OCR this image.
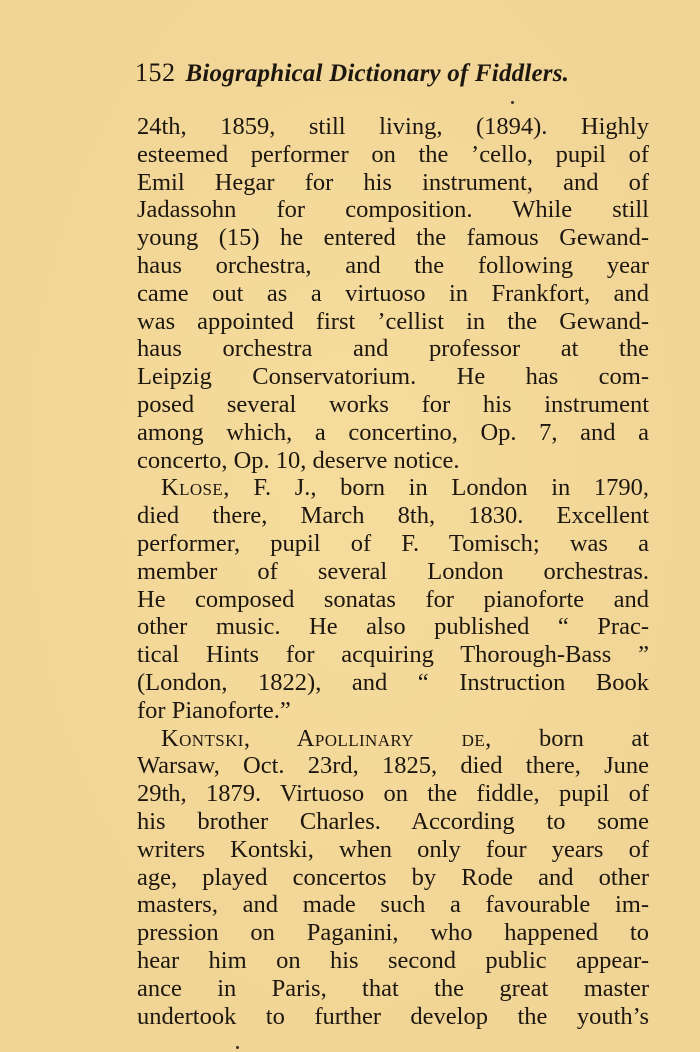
152 Biographical Dictionary of Fiddlers.
24th, 1859, still living, (1894). Highly
esteemed performer on the ’cello, pupil of
Emil Hegar for his instrument, and of
Jadassohn for composition. While still
young (15) he entered the famous Gewand-
haus orchestra, and the following year
came out as a virtuoso in Frankfort, and
was appointed first ’cellist in the Gewand-
haus orchestra and professor at the
Leipzig Conservatorium. He has com-
posed several works for his instrument
among which, a concertino, Op. 7, and a
concerto, Op. 10, deserve notice.
Klose, F. J., born in London in 1790,
died there, March 8th, 1830. Excellent
performer, pupil of F. Tomisch; was a
member of several London orchestras.
He composed sonatas for pianoforte and
other music. He also published “ Prac-
tical Hints for acquiring Thorough-Bass ”
(London, 1822), and “ Instruction Book
for Pianoforte.”
Kontski, Apollinary de, born at
Warsaw, Oct. 23rd, 1825, died there, June
29th, 1879. Virtuoso on the fiddle, pupil of
his brother Charles. According to some
writers Kontski, when only four years of
age, played concertos by Rode and other
masters, and made such a favourable im-
pression on Paganini, who happened to
hear him on his second public appear-
ance in Paris, that the great master
undertook to further develop the youth’s
